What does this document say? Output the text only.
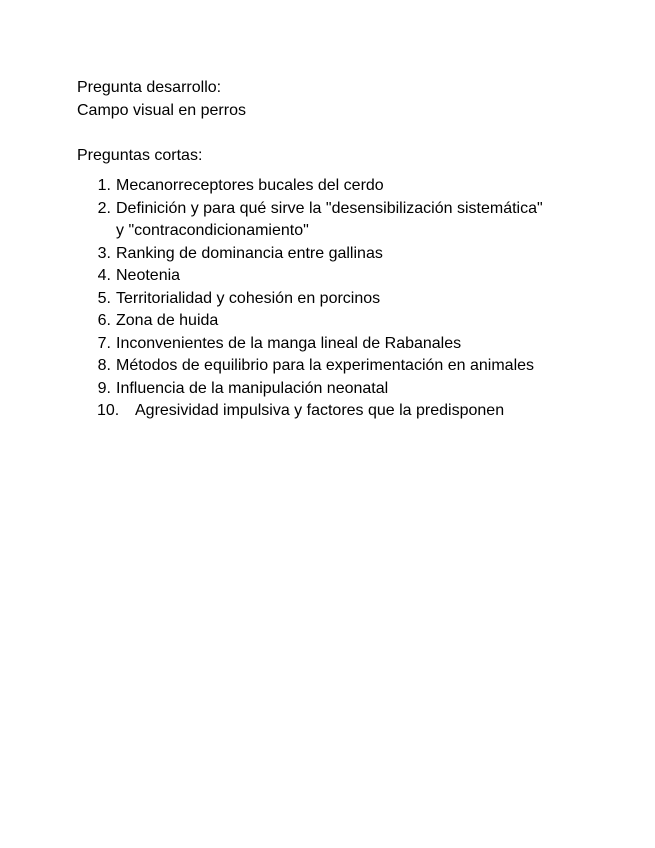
Pregunta desarrollo:
Campo visual en perros
Preguntas cortas:
1. Mecanorreceptores bucales del cerdo
2. Definición y para qué sirve la "desensibilización sistemática"
y "contracondicionamiento"
3. Ranking de dominancia entre gallinas
4. Neotenia
5. Territorialidad y cohesión en porcinos
6. Zona de huida
7. Inconvenientes de la manga lineal de Rabanales
8. Métodos de equilibrio para la experimentación en animales
9. Influencia de la manipulación neonatal
10. Agresividad impulsiva y factores que la predisponen
